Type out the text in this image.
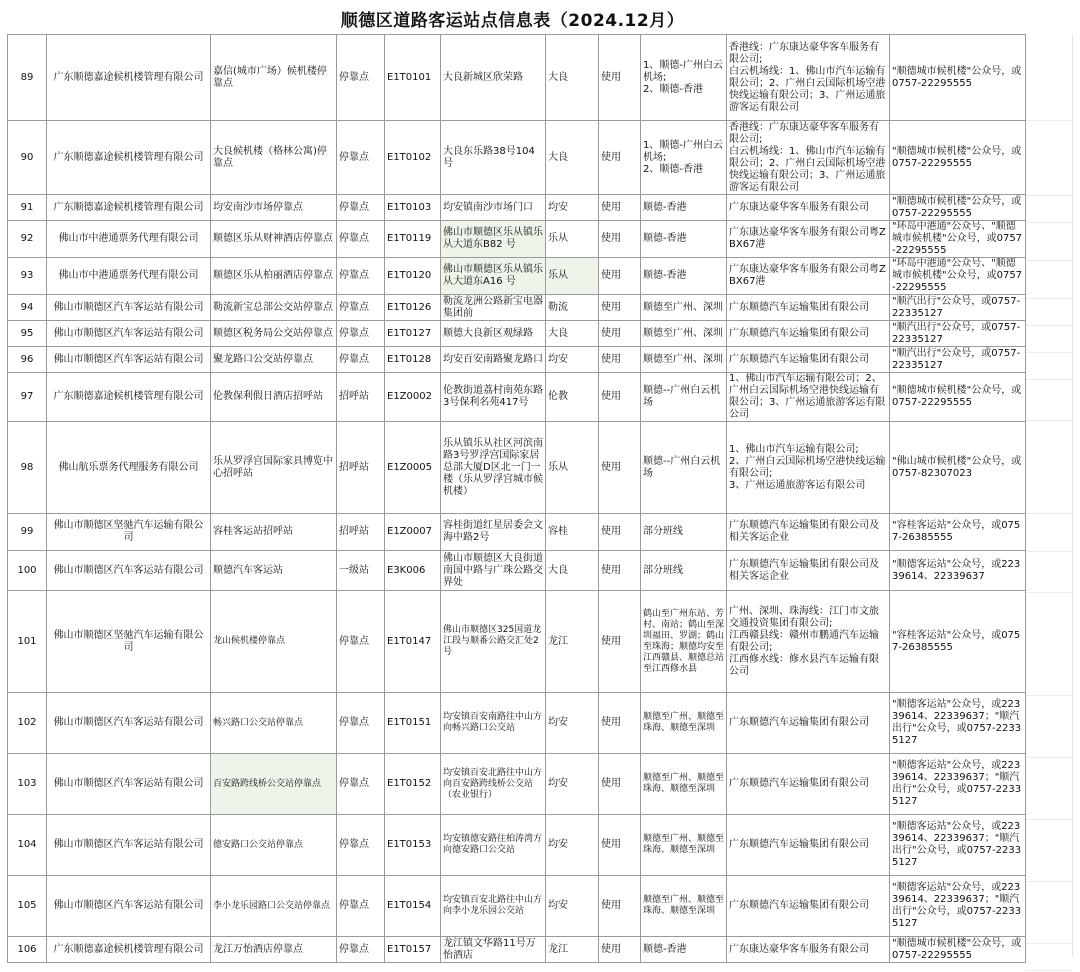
顺德区道路客运站点信息表（2024.12月）
89	广东顺德嘉途候机楼管理有限公司	嘉信(城市广场）候机楼停靠点	停靠点	E1T0101	大良新城区欣荣路	大良	使用	1、顺德-广州白云机场;
2、顺德-香港	香港线：广东康达豪华客车服务有限公司;
白云机场线：1、佛山市汽车运输有限公司；2、广州白云国际机场空港快线运输有限公司；3、广州运通旅游客运有限公司	"顺德城市候机楼"公众号，或0757-22295555
90	广东顺德嘉途候机楼管理有限公司	大良候机楼（格林公寓)停靠点	停靠点	E1T0102	大良东乐路38号104号	大良	使用	1、顺德-广州白云机场;
2、顺德-香港	香港线：广东康达豪华客车服务有限公司;
白云机场线：1、佛山市汽车运输有限公司；2、广州白云国际机场空港快线运输有限公司；3、广州运通旅游客运有限公司	"顺德城市候机楼"公众号，或0757-22295555
91	广东顺德嘉途候机楼管理有限公司	均安南沙市场停靠点	停靠点	E1T0103	均安镇南沙市场门口	均安	使用	顺德-香港	广东康达豪华客车服务有限公司	"顺德城市候机楼"公众号，或0757-22295555
92	佛山市中港通票务代理有限公司	顺德区乐从财神酒店停靠点	停靠点	E1T0119	佛山市顺德区乐从镇乐从大道东B82 号	乐从	使用	顺德-香港	广东康达豪华客车服务有限公司粤ZBX67港	"环岛中港通"公众号、"顺德城市候机楼"公众号，或0757-22295555
93	佛山市中港通票务代理有限公司	顺德区乐从柏丽酒店停靠点	停靠点	E1T0120	佛山市顺德区乐从镇乐从大道东A16 号	乐从	使用	顺德-香港	广东康达豪华客车服务有限公司粤ZBX67港	"环岛中港通"公众号、"顺德城市候机楼"公众号，或0757-22295555
94	佛山市顺德区汽车客运站有限公司	勒流新宝总部公交站停靠点	停靠点	E1T0126	勒流龙洲公路新宝电器集团前	勒流	使用	顺德至广州、深圳	广东顺德汽车运输集团有限公司	"顺汽出行"公众号，或0757-22335127
95	佛山市顺德区汽车客运站有限公司	顺德区税务局公交站停靠点	停靠点	E1T0127	顺德大良新区观绿路	大良	使用	顺德至广州、深圳	广东顺德汽车运输集团有限公司	"顺汽出行"公众号，或0757-22335127
96	佛山市顺德区汽车客运站有限公司	聚龙路口公交站停靠点	停靠点	E1T0128	均安百安南路聚龙路口	均安	使用	顺德至广州、深圳	广东顺德汽车运输集团有限公司	"顺汽出行"公众号，或0757-22335127
97	广东顺德嘉途候机楼管理有限公司	伦教保利假日酒店招呼站	招呼站	E1Z0002	伦教街道荔村南苑东路3号保利名苑417号	伦教	使用	顺德--广州白云机场	1、佛山市汽车运输有限公司；2、广州白云国际机场空港快线运输有限公司；3、广州运通旅游客运有限公司	"顺德城市候机楼"公众号，或0757-22295555
98	佛山航乐票务代理服务有限公司	乐从罗浮宫国际家具博览中心招呼站	招呼站	E1Z0005	乐从镇乐从社区河滨南路3号罗浮宫国际家居总部大厦D区北一门一楼（乐从罗浮宫城市候机楼）	乐从	使用	顺德--广州白云机场	1、佛山市汽车运输有限公司;
2、广州白云国际机场空港快线运输有限公司;
3、广州运通旅游客运有限公司	"佛山城市候机楼"公众号，或0757-82307023
99	佛山市顺德区坚驰汽车运输有限公司	容桂客运站招呼站	招呼站	E1Z0007	容桂街道红星居委会文海中路2号	容桂	使用	部分班线	广东顺德汽车运输集团有限公司及相关客运企业	"容桂客运站"公众号，或0757-26385555
100	佛山市顺德区汽车客运站有限公司	顺德汽车客运站	一级站	E3K006	佛山市顺德区大良街道南国中路与广珠公路交界处	大良	使用	部分班线	广东顺德汽车运输集团有限公司及相关客运企业	"顺德客运站"公众号，或22339614、22339637
101	佛山市顺德区坚驰汽车运输有限公司	龙山候机楼停靠点	停靠点	E1T0147	佛山市顺德区325国道龙江段与顺番公路交汇处2号	龙江	使用	鹤山至广州东站、芳村、南站；鹤山至深圳福田、罗湖；鹤山至珠海；顺德均安至江西赣县、顺德总站至江西修水县	广州、深圳、珠海线：江门市文旅交通投资集团有限公司;
江西赣县线：赣州市鹏通汽车运输有限公司;
江西修水线：修水县汽车运输有限公司	"容桂客运站"公众号，或0757-26385555
102	佛山市顺德区汽车客运站有限公司	畅兴路口公交站停靠点	停靠点	E1T0151	均安镇百安南路往中山方向畅兴路口公交站	均安	使用	顺德至广州、顺德至珠海、顺德至深圳	广东顺德汽车运输集团有限公司	"顺德客运站"公众号，或22339614、22339637；"顺汽出行"公众号，或0757-22335127
103	佛山市顺德区汽车客运站有限公司	百安路跨线桥公交站停靠点	停靠点	E1T0152	均安镇百安北路往中山方向百安路跨线桥公交站（农业银行）	均安	使用	顺德至广州、顺德至珠海、顺德至深圳	广东顺德汽车运输集团有限公司	"顺德客运站"公众号，或22339614、22339637；"顺汽出行"公众号，或0757-22335127
104	佛山市顺德区汽车客运站有限公司	德安路口公交站停靠点	停靠点	E1T0153	均安镇德安路往柏涛湾方向德安路口公交站	均安	使用	顺德至广州、顺德至珠海、顺德至深圳	广东顺德汽车运输集团有限公司	"顺德客运站"公众号，或22339614、22339637；"顺汽出行"公众号，或0757-22335127
105	佛山市顺德区汽车客运站有限公司	李小龙乐园路口公交站停靠点	停靠点	E1T0154	均安镇百安北路往中山方向李小龙乐园公交站	均安	使用	顺德至广州、顺德至珠海、顺德至深圳	广东顺德汽车运输集团有限公司	"顺德客运站"公众号，或22339614、22339637；"顺汽出行"公众号，或0757-22335127
106	广东顺德嘉途候机楼管理有限公司	龙江万怡酒店停靠点	停靠点	E1T0157	龙江镇文华路11号万怡酒店	龙江	使用	顺德-香港	广东康达豪华客车服务有限公司	"顺德城市候机楼"公众号，或0757-22295555
